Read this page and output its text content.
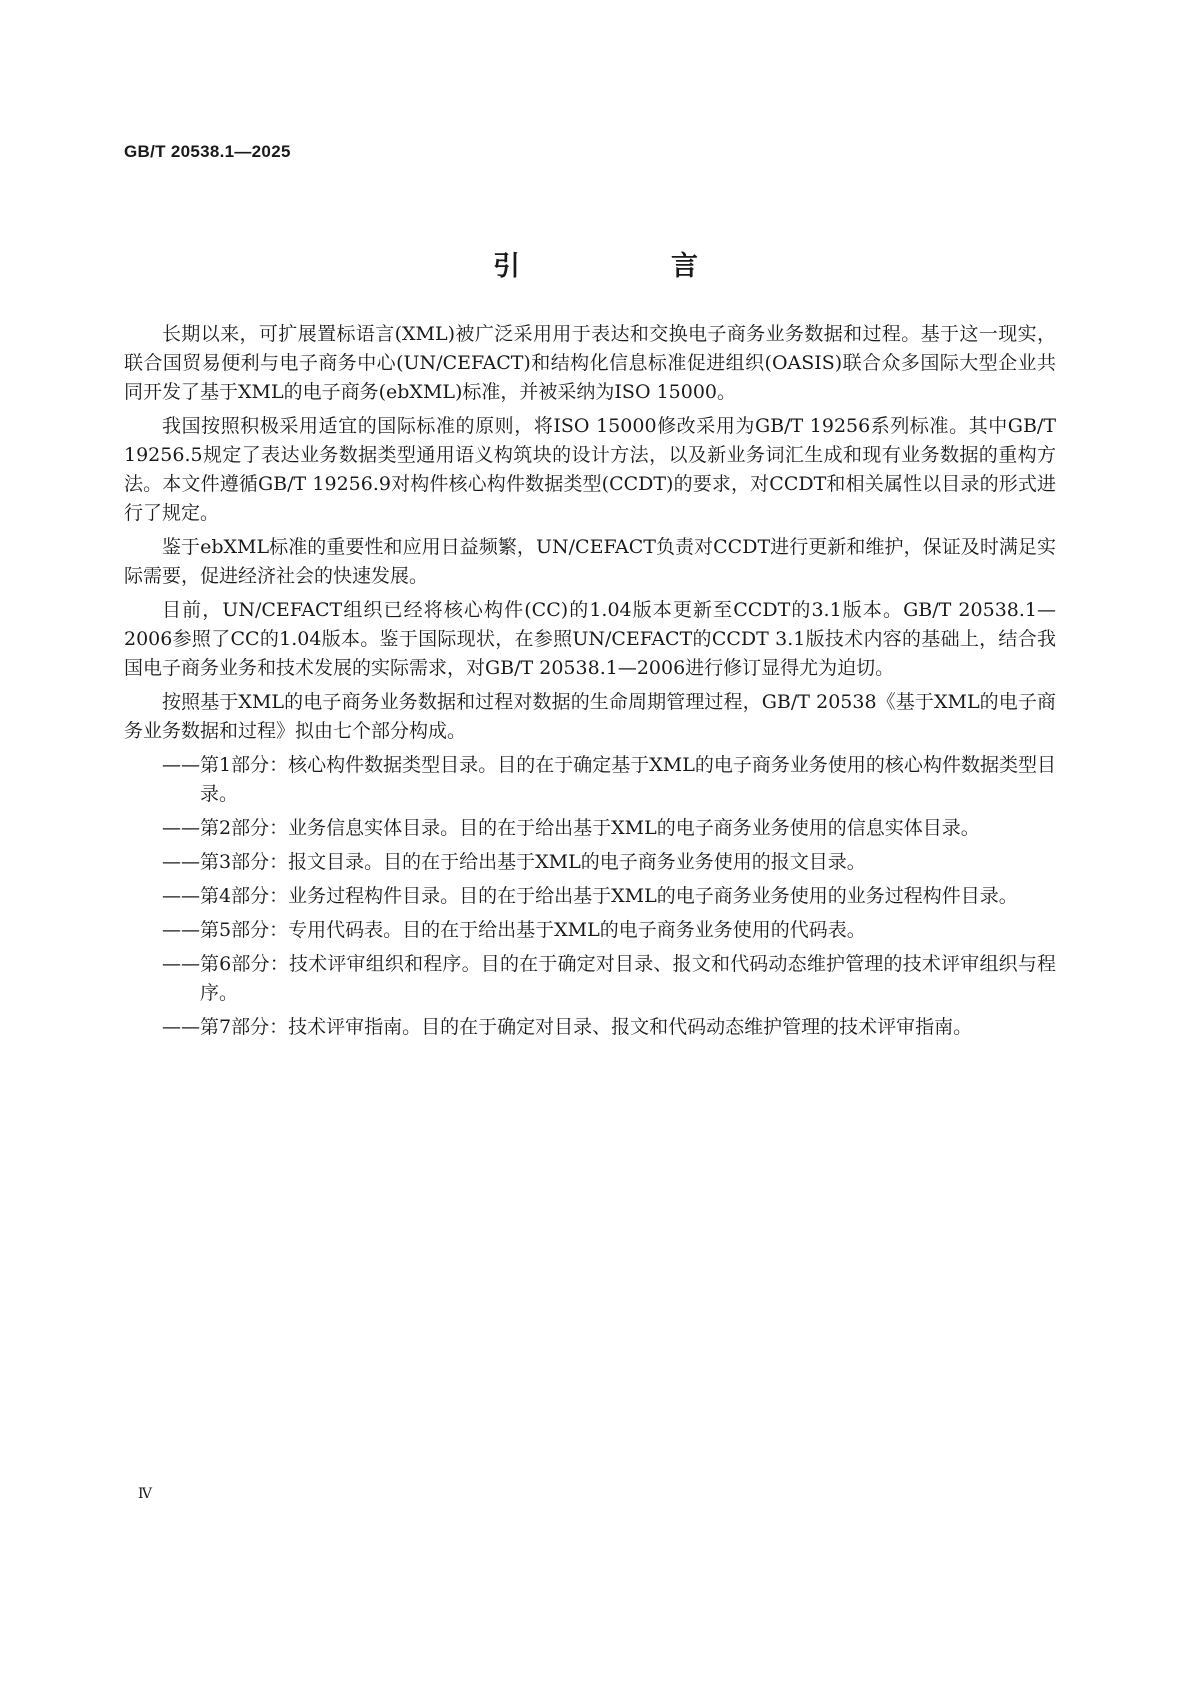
GB/T 20538.1—2025
引　言

长期以来，可扩展置标语言(XML)被广泛采用用于表达和交换电子商务业务数据和过程。基于这一现实，联合国贸易便利与电子商务中心(UN/CEFACT)和结构化信息标准促进组织(OASIS)联合众多国际大型企业共同开发了基于XML的电子商务(ebXML)标准，并被采纳为ISO 15000。

我国按照积极采用适宜的国际标准的原则，将ISO 15000修改采用为GB/T 19256系列标准。其中GB/T 19256.5规定了表达业务数据类型通用语义构筑块的设计方法，以及新业务词汇生成和现有业务数据的重构方法。本文件遵循GB/T 19256.9对构件核心构件数据类型(CCDT)的要求，对CCDT和相关属性以目录的形式进行了规定。

鉴于ebXML标准的重要性和应用日益频繁，UN/CEFACT负责对CCDT进行更新和维护，保证及时满足实际需要，促进经济社会的快速发展。

目前，UN/CEFACT组织已经将核心构件(CC)的1.04版本更新至CCDT的3.1版本。GB/T 20538.1—2006参照了CC的1.04版本。鉴于国际现状，在参照UN/CEFACT的CCDT 3.1版技术内容的基础上，结合我国电子商务业务和技术发展的实际需求，对GB/T 20538.1—2006进行修订显得尤为迫切。

按照基于XML的电子商务业务数据和过程对数据的生命周期管理过程，GB/T 20538《基于XML的电子商务业务数据和过程》拟由七个部分构成。

—— 第1部分：核心构件数据类型目录。目的在于确定基于XML的电子商务业务使用的核心构件数据类型目录。
—— 第2部分：业务信息实体目录。目的在于给出基于XML的电子商务业务使用的信息实体目录。
—— 第3部分：报文目录。目的在于给出基于XML的电子商务业务使用的报文目录。
—— 第4部分：业务过程构件目录。目的在于给出基于XML的电子商务业务使用的业务过程构件目录。
—— 第5部分：专用代码表。目的在于给出基于XML的电子商务业务使用的代码表。
—— 第6部分：技术评审组织和程序。目的在于确定对目录、报文和代码动态维护管理的技术评审组织与程序。
—— 第7部分：技术评审指南。目的在于确定对目录、报文和代码动态维护管理的技术评审指南。
Ⅳ
